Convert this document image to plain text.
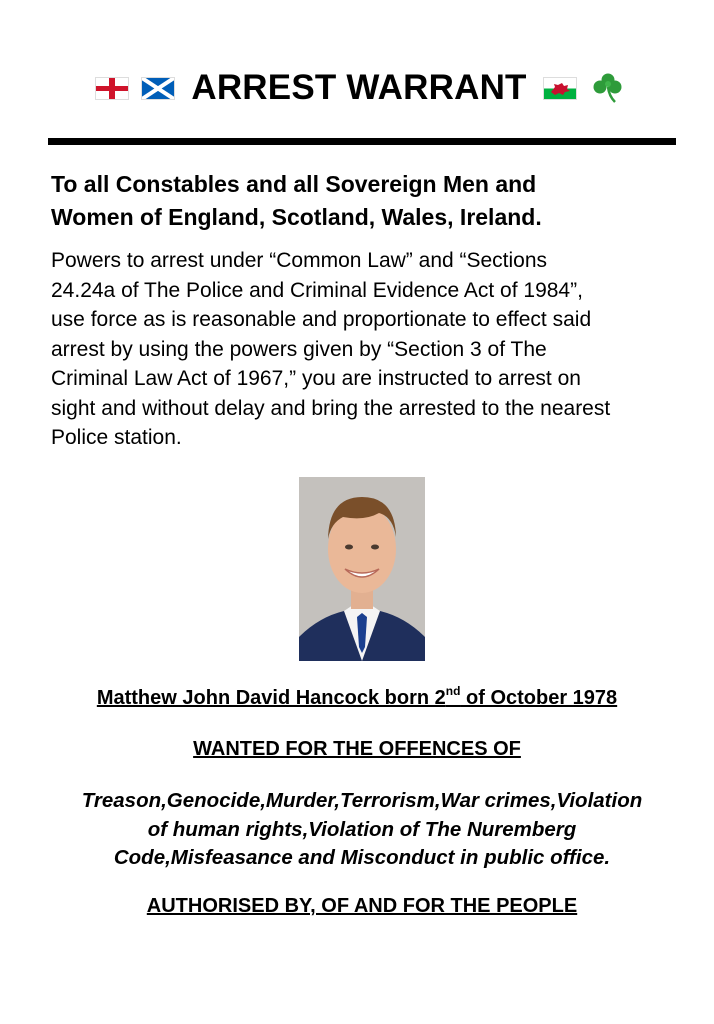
ARREST WARRANT
To all Constables and all Sovereign Men and
Women of England, Scotland, Wales, Ireland.
Powers to arrest under “Common Law” and “Sections
24.24a of The Police and Criminal Evidence Act of 1984”,
use force as is reasonable and proportionate to effect said
arrest by using the powers given by “Section 3 of The
Criminal Law Act of 1967,” you are instructed to arrest on
sight and without delay and bring the arrested to the nearest
Police station.
Matthew John David Hancock born 2nd of October 1978
WANTED FOR THE OFFENCES OF
Treason,Genocide,Murder,Terrorism,War crimes,Violation
of human rights,Violation of The Nuremberg
Code,Misfeasance and Misconduct in public office.
AUTHORISED BY, OF AND FOR THE PEOPLE
